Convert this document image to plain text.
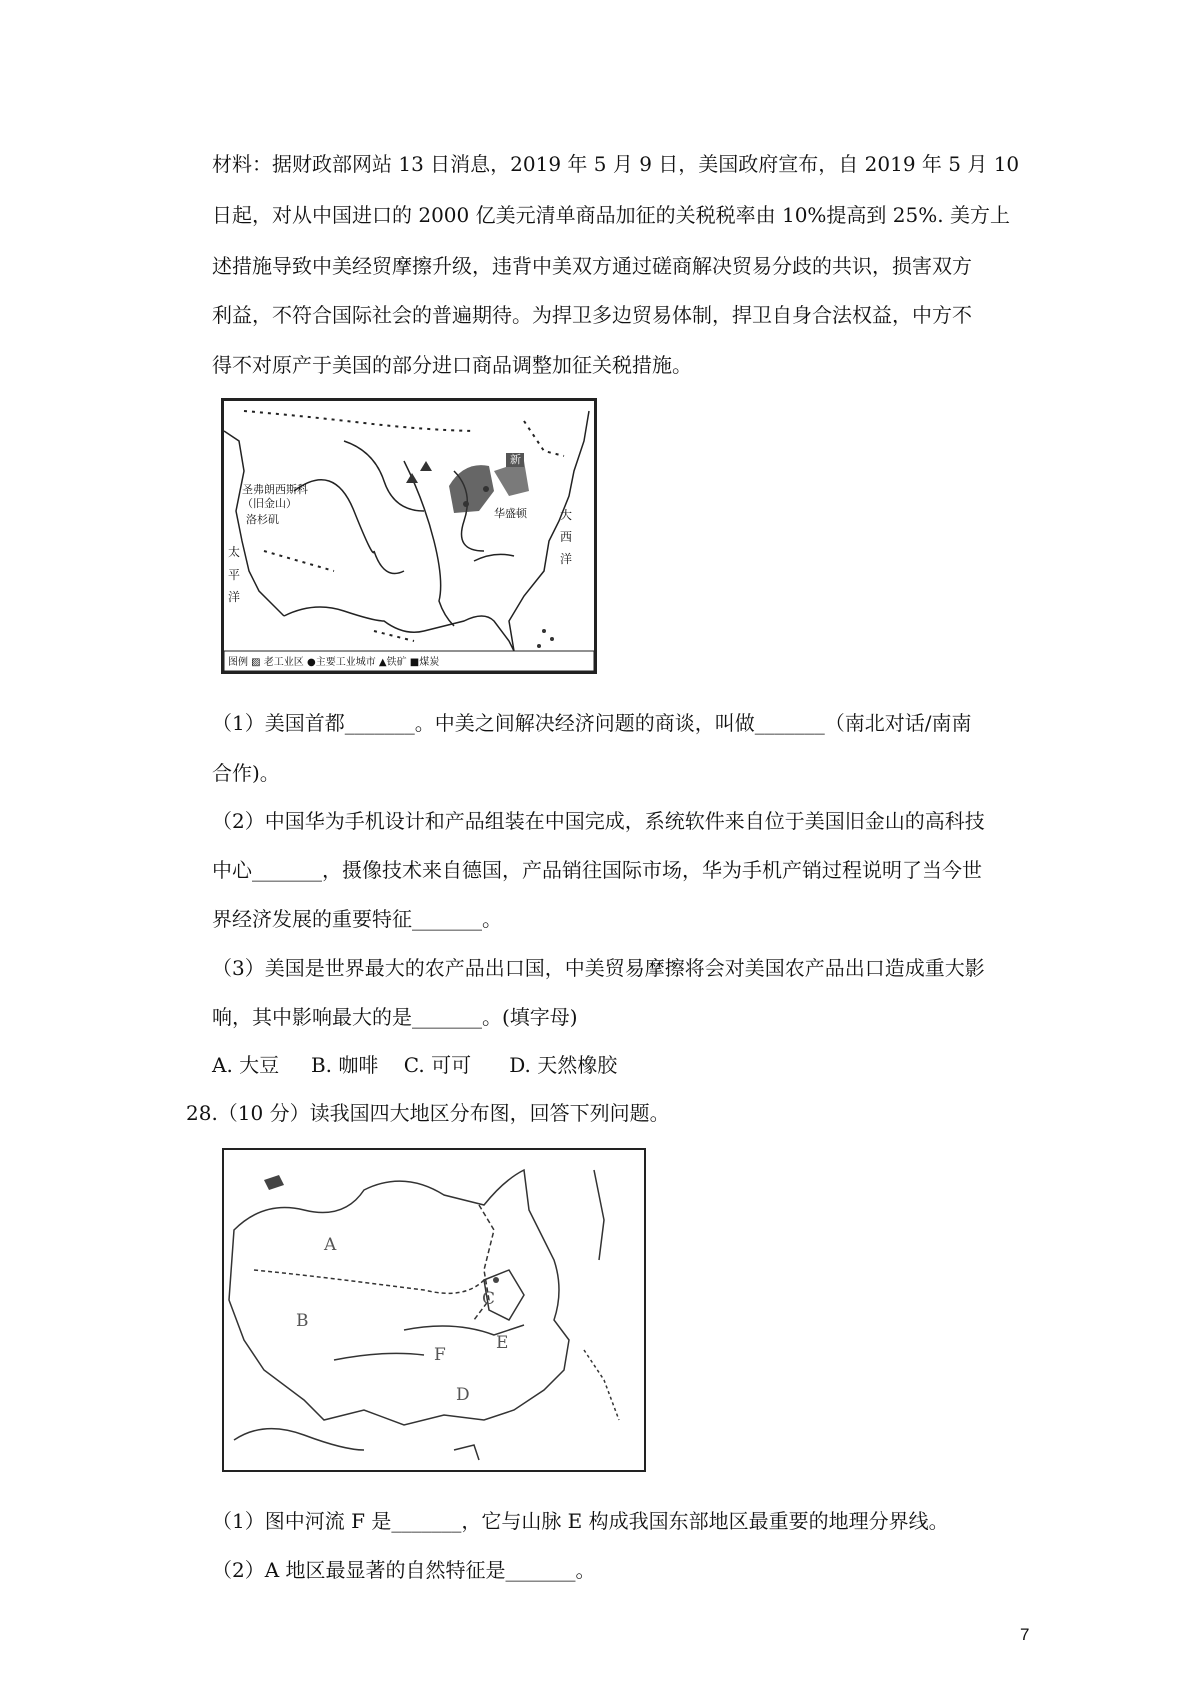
材料：据财政部网站 13 日消息，2019 年 5 月 9 日，美国政府宣布，自 2019 年 5 月 10
日起，对从中国进口的 2000 亿美元清单商品加征的关税税率由 10%提高到 25%. 美方上
述措施导致中美经贸摩擦升级，违背中美双方通过磋商解决贸易分歧的共识，损害双方
利益，不符合国际社会的普遍期待。为捍卫多边贸易体制，捍卫自身合法权益，中方不
得不对原产于美国的部分进口商品调整加征关税措施。
圣弗朗西斯科
（旧金山）
洛杉矶	华盛顿
新
大
西
洋
太
平
洋
图例 ▨ 老工业区 ●主要工业城市 ▲铁矿 ■煤炭
（1）美国首都_______。中美之间解决经济问题的商谈，叫做_______（南北对话/南南
合作)。
（2）中国华为手机设计和产品组装在中国完成，系统软件来自位于美国旧金山的高科技
中心_______，摄像技术来自德国，产品销往国际市场，华为手机产销过程说明了当今世
界经济发展的重要特征_______。
（3）美国是世界最大的农产品出口国，中美贸易摩擦将会对美国农产品出口造成重大影
响，其中影响最大的是_______。(填字母)
A. 大豆     B. 咖啡    C. 可可      D. 天然橡胶
28.（10 分）读我国四大地区分布图，回答下列问题。
A
B
C
D
E
F
（1）图中河流 F 是_______，它与山脉 E 构成我国东部地区最重要的地理分界线。
（2）A 地区最显著的自然特征是_______。
7
